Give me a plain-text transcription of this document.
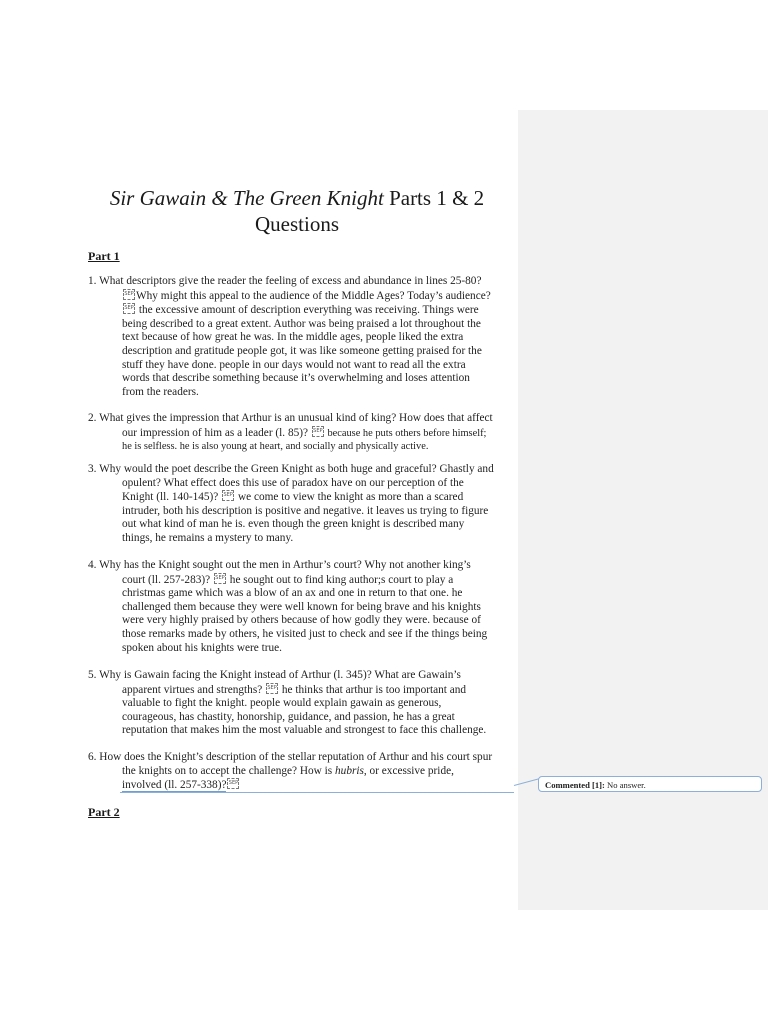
Sir Gawain & The Green Knight Parts 1 & 2
Questions
Part 1
1. What descriptors give the reader the feeling of excess and abundance in lines 25-80?
SEP Why might this appeal to the audience of the Middle Ages? Today’s audience?
SEP the excessive amount of description everything was receiving. Things were
being described to a great extent. Author was being praised a lot throughout the
text because of how great he was. In the middle ages, people liked the extra
description and gratitude people got, it was like someone getting praised for the
stuff they have done. people in our days would not want to read all the extra
words that describe something because it’s overwhelming and loses attention
from the readers.
2. What gives the impression that Arthur is an unusual kind of king? How does that affect
our impression of him as a leader (l. 85)? SEP because he puts others before himself;
he is selfless. he is also young at heart, and socially and physically active.
3. Why would the poet describe the Green Knight as both huge and graceful? Ghastly and
opulent? What effect does this use of paradox have on our perception of the
Knight (ll. 140-145)? SEP we come to view the knight as more than a scared
intruder, both his description is positive and negative. it leaves us trying to figure
out what kind of man he is. even though the green knight is described many
things, he remains a mystery to many.
4. Why has the Knight sought out the men in Arthur’s court? Why not another king’s
court (ll. 257-283)? SEP he sought out to find king author;s court to play a
christmas game which was a blow of an ax and one in return to that one. he
challenged them because they were well known for being brave and his knights
were very highly praised by others because of how godly they were. because of
those remarks made by others, he visited just to check and see if the things being
spoken about his knights were true.
5. Why is Gawain facing the Knight instead of Arthur (l. 345)? What are Gawain’s
apparent virtues and strengths? SEP he thinks that arthur is too important and
valuable to fight the knight. people would explain gawain as generous,
courageous, has chastity, honorship, guidance, and passion, he has a great
reputation that makes him the most valuable and strongest to face this challenge.
6. How does the Knight’s description of the stellar reputation of Arthur and his court spur
the knights on to accept the challenge? How is hubris, or excessive pride,
involved (ll. 257-338)? SEP	Commented [1]: No answer.
Part 2
